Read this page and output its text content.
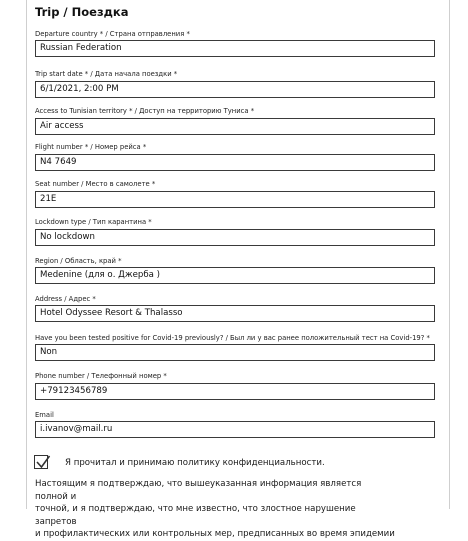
Trip / Поездка
Departure country * / Страна отправления *
Russian Federation
Trip start date * / Дата начала поездки *
6/1/2021, 2:00 PM
Access to Tunisian territory * / Доступ на территорию Туниса *
Air access
Flight number * / Номер рейса *
N4 7649
Seat number / Место в самолете *
21E
Lockdown type / Тип карантина *
No lockdown
Region / Область, край *
Medenine (для о. Джерба )
Address / Адрес *
Hotel Odyssee Resort & Thalasso
Have you been tested positive for Covid-19 previously? / Был ли у вас ранее положительный тест на Covid-19? *
Non
Phone number / Телефонный номер *
+79123456789
Email
i.ivanov@mail.ru
Я прочитал и принимаю политику конфиденциальности.
Настоящим я подтверждаю, что вышеуказанная информация является полной и
точной, и я подтверждаю, что мне известно, что злостное нарушение запретов
и профилактических или контрольных мер, предписанных во время эпидемии
